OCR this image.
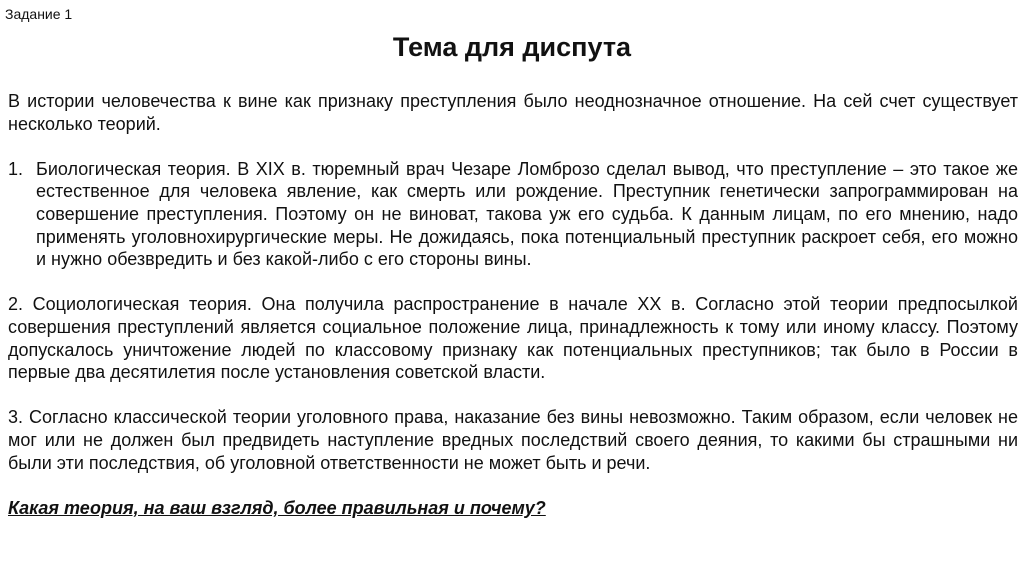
Задание 1
Тема для диспута

В истории человечества к вине как признаку преступления было неоднозначное отношение. На сей счет существует несколько теорий.

1. Биологическая теория. В XIX в. тюремный врач Чезаре Ломброзо сделал вывод, что преступление – это такое же естественное для человека явление, как смерть или рождение. Преступник генетически запрограммирован на совершение преступления. Поэтому он не виноват, такова уж его судьба. К данным лицам, по его мнению, надо применять уголовнохирургические меры. Не дожидаясь, пока потенциальный преступник раскроет себя, его можно и нужно обезвредить и без какой-либо с его стороны вины.

2. Социологическая теория. Она получила распространение в начале XX в. Согласно этой теории предпосылкой совершения преступлений является социальное положение лица, принадлежность к тому или иному классу. Поэтому допускалось уничтожение людей по классовому признаку как потенциальных преступников; так было в России в первые два десятилетия после установления советской власти.

3. Согласно классической теории уголовного права, наказание без вины невозможно. Таким образом, если человек не мог или не должен был предвидеть наступление вредных последствий своего деяния, то какими бы страшными ни были эти последствия, об уголовной ответственности не может быть и речи.

Какая теория, на ваш взгляд, более правильная и почему?
